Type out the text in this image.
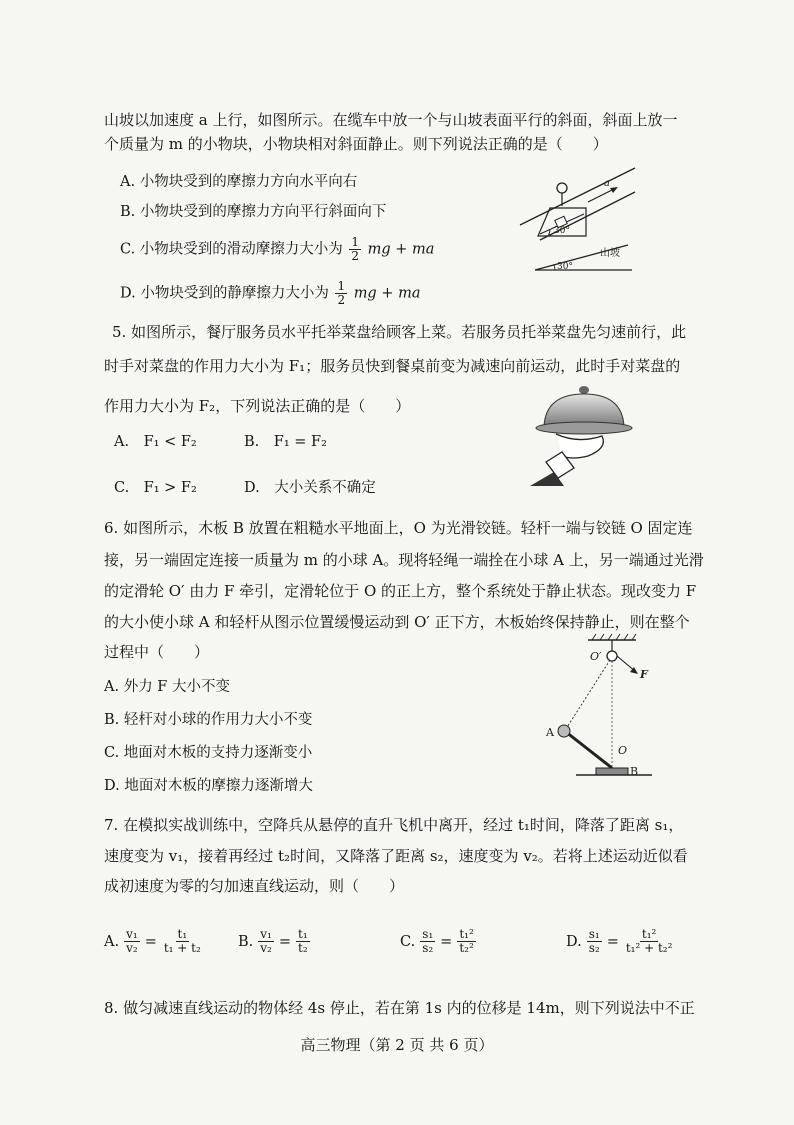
山坡以加速度 a 上行，如图所示。在缆车中放一个与山坡表面平行的斜面，斜面上放一
个质量为 m 的小物块，小物块相对斜面静止。则下列说法正确的是（　　）
A. 小物块受到的摩擦力方向水平向右
B. 小物块受到的摩擦力方向平行斜面向下
C. 小物块受到的滑动摩擦力大小为 $\frac{1}{2}$ mg + ma
D. 小物块受到的静摩擦力大小为 $\frac{1}{2}$ mg + ma
30°
a
30°
山坡
5. 如图所示，餐厅服务员水平托举菜盘给顾客上菜。若服务员托举菜盘先匀速前行，此
时手对菜盘的作用力大小为 F₁；服务员快到餐桌前变为减速向前运动，此时手对菜盘的
作用力大小为 F₂，下列说法正确的是（　　）
A.　F₁ < F₂	B.　F₁ = F₂
C.　F₁ > F₂	D.　大小关系不确定
6. 如图所示，木板 B 放置在粗糙水平地面上，O 为光滑铰链。轻杆一端与铰链 O 固定连
接，另一端固定连接一质量为 m 的小球 A。现将轻绳一端拴在小球 A 上，另一端通过光滑
的定滑轮 O′ 由力 F 牵引，定滑轮位于 O 的正上方，整个系统处于静止状态。现改变力 F
的大小使小球 A 和轻杆从图示位置缓慢运动到 O′ 正下方，木板始终保持静止，则在整个
过程中（　　）
A. 外力 F 大小不变
B. 轻杆对小球的作用力大小不变
C. 地面对木板的支持力逐渐变小
D. 地面对木板的摩擦力逐渐增大
O′
F
A
O
B
7. 在模拟实战训练中，空降兵从悬停的直升飞机中离开，经过 t₁时间，降落了距离 s₁，
速度变为 v₁，接着再经过 t₂时间，又降落了距离 s₂，速度变为 v₂。若将上述运动近似看
成初速度为零的匀加速直线运动，则（　　）
A. $\frac{\text{v₁}}{\text{v₂}} = \frac{\text{t₁}}{\text{t₁ + t₂}} B$. $\frac{\text{v₁}}{\text{v₂}} = \frac{\text{t₁}}{\text{t₂}}$	C. $\frac{\text{s₁}}{\text{s₂}} = \frac{\text{t₁²}}{\text{t₂²}}$	D. $\frac{\text{s₁}}{\text{s₂}} = \frac{\text{t₁²}}{\text{t₁² + t₂²}}$
8. 做匀减速直线运动的物体经 4s 停止，若在第 1s 内的位移是 14m，则下列说法中不正
高三物理（第 2 页 共 6 页）
